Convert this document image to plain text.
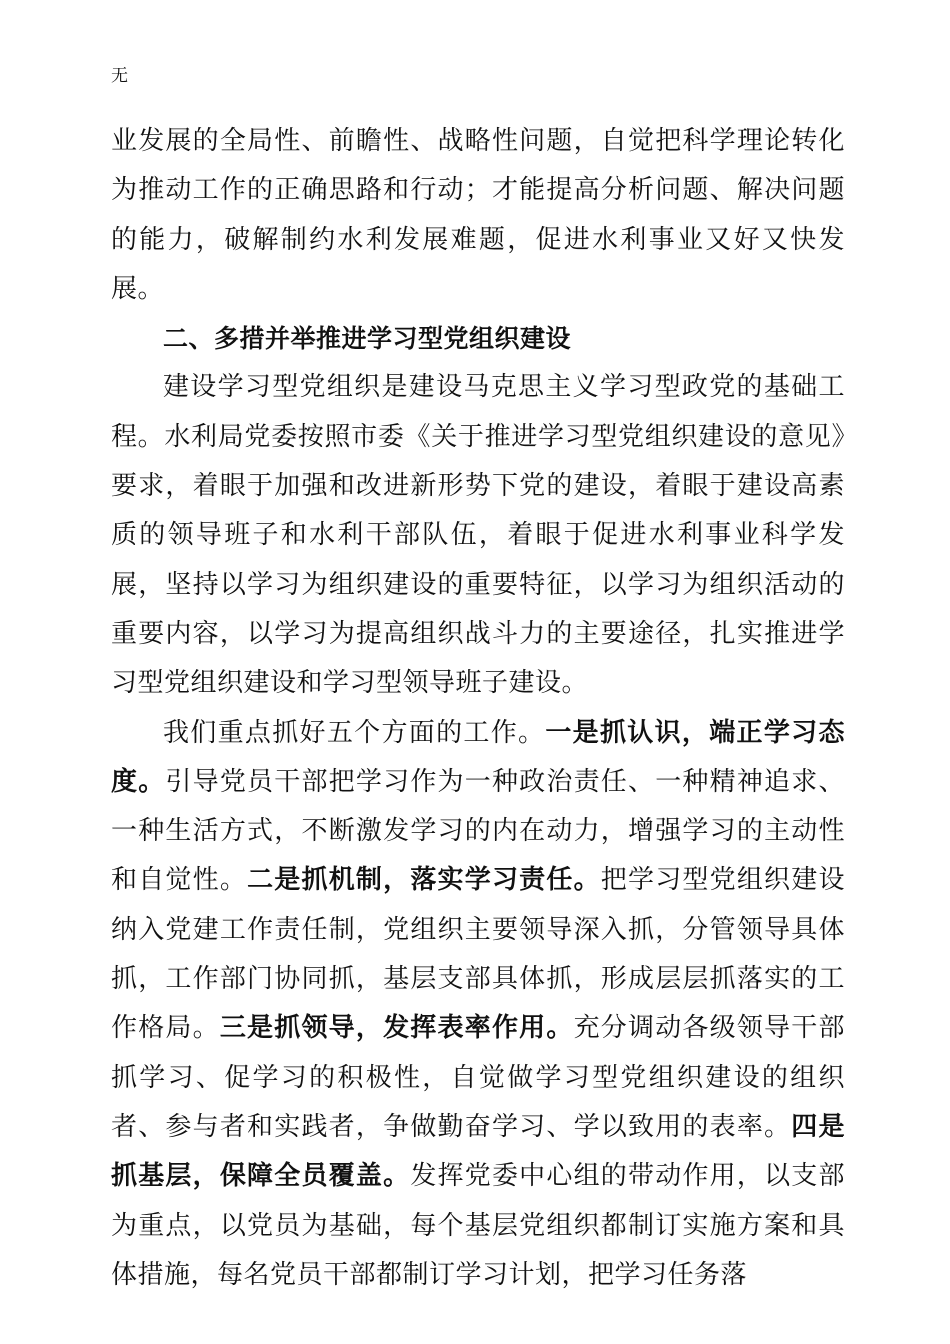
无

业发展的全局性、前瞻性、战略性问题，自觉把科学理论转化为推动工作的正确思路和行动；才能提高分析问题、解决问题的能力，破解制约水利发展难题，促进水利事业又好又快发展。

二、多措并举推进学习型党组织建设

建设学习型党组织是建设马克思主义学习型政党的基础工程。水利局党委按照市委《关于推进学习型党组织建设的意见》要求，着眼于加强和改进新形势下党的建设，着眼于建设高素质的领导班子和水利干部队伍，着眼于促进水利事业科学发展，坚持以学习为组织建设的重要特征，以学习为组织活动的重要内容，以学习为提高组织战斗力的主要途径，扎实推进学习型党组织建设和学习型领导班子建设。

我们重点抓好五个方面的工作。一是抓认识，端正学习态度。引导党员干部把学习作为一种政治责任、一种精神追求、一种生活方式，不断激发学习的内在动力，增强学习的主动性和自觉性。二是抓机制，落实学习责任。把学习型党组织建设纳入党建工作责任制，党组织主要领导深入抓，分管领导具体抓，工作部门协同抓，基层支部具体抓，形成层层抓落实的工作格局。三是抓领导，发挥表率作用。充分调动各级领导干部抓学习、促学习的积极性，自觉做学习型党组织建设的组织者、参与者和实践者，争做勤奋学习、学以致用的表率。四是抓基层，保障全员覆盖。发挥党委中心组的带动作用，以支部为重点，以党员为基础，每个基层党组织都制订实施方案和具体措施，每名党员干部都制订学习计划，把学习任务落
